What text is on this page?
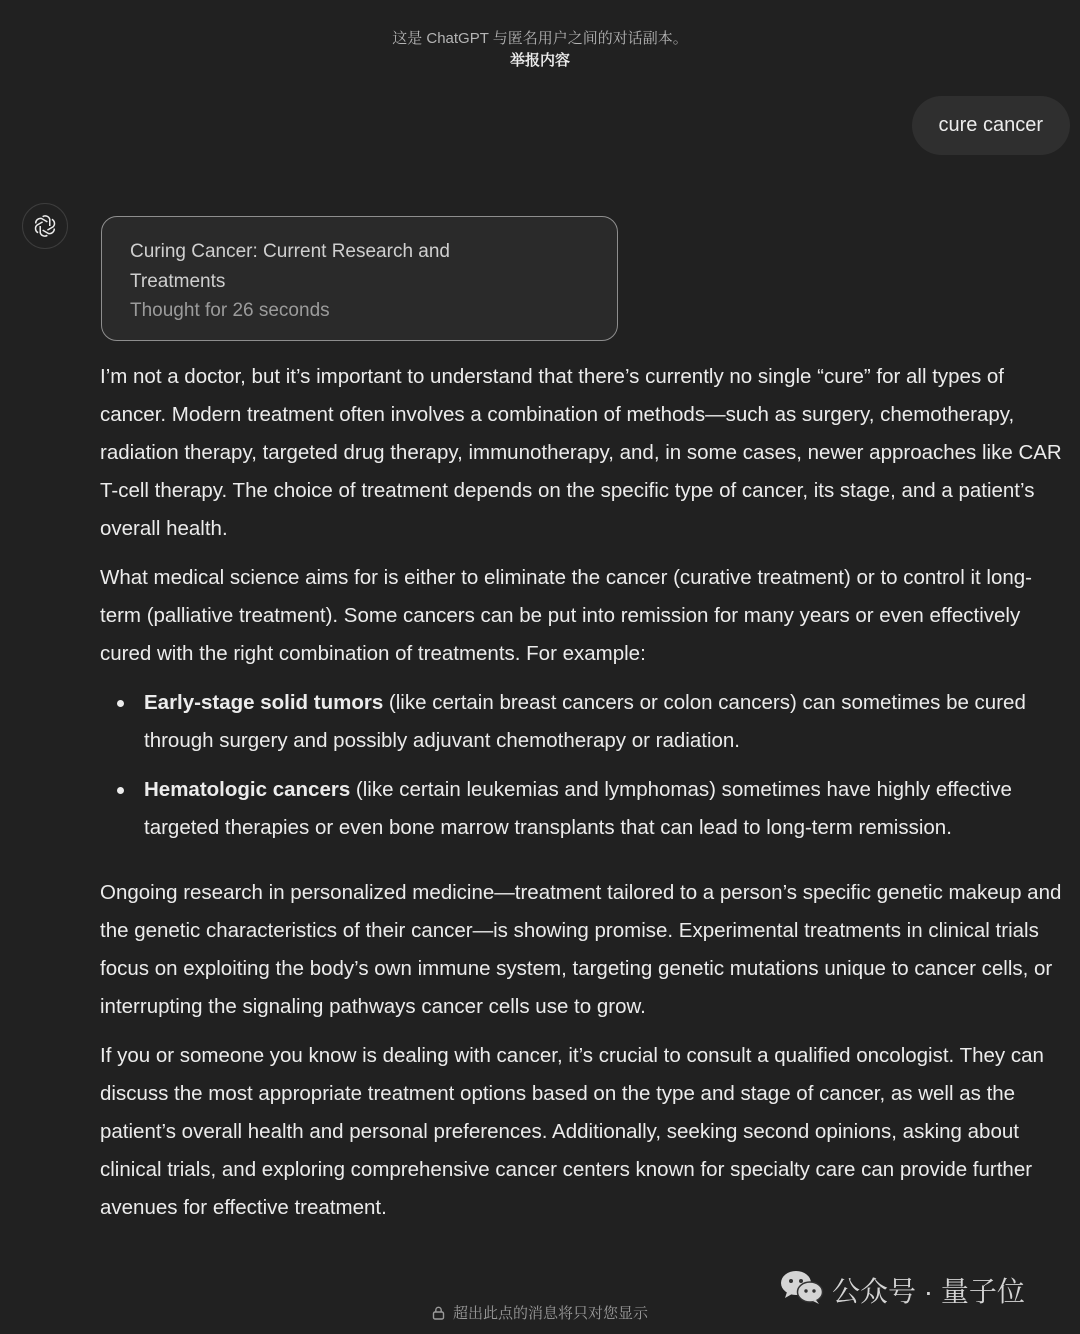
这是 ChatGPT 与匿名用户之间的对话副本。
举报内容
cure cancer
Curing Cancer: Current Research and Treatments
Thought for 26 seconds

I’m not a doctor, but it’s important to understand that there’s currently no single “cure” for all types of cancer. Modern treatment often involves a combination of methods—such as surgery, chemotherapy, radiation therapy, targeted drug therapy, immunotherapy, and, in some cases, newer approaches like CAR T-cell therapy. The choice of treatment depends on the specific type of cancer, its stage, and a patient’s overall health.

What medical science aims for is either to eliminate the cancer (curative treatment) or to control it long-term (palliative treatment). Some cancers can be put into remission for many years or even effectively cured with the right combination of treatments. For example:

Early-stage solid tumors (like certain breast cancers or colon cancers) can sometimes be cured through surgery and possibly adjuvant chemotherapy or radiation.
Hematologic cancers (like certain leukemias and lymphomas) sometimes have highly effective targeted therapies or even bone marrow transplants that can lead to long-term remission.

Ongoing research in personalized medicine—treatment tailored to a person’s specific genetic makeup and the genetic characteristics of their cancer—is showing promise. Experimental treatments in clinical trials focus on exploiting the body’s own immune system, targeting genetic mutations unique to cancer cells, or interrupting the signaling pathways cancer cells use to grow.

If you or someone you know is dealing with cancer, it’s crucial to consult a qualified oncologist. They can discuss the most appropriate treatment options based on the type and stage of cancer, as well as the patient’s overall health and personal preferences. Additionally, seeking second opinions, asking about clinical trials, and exploring comprehensive cancer centers known for specialty care can provide further avenues for effective treatment.

公众号 · 量子位
超出此点的消息将只对您显示
